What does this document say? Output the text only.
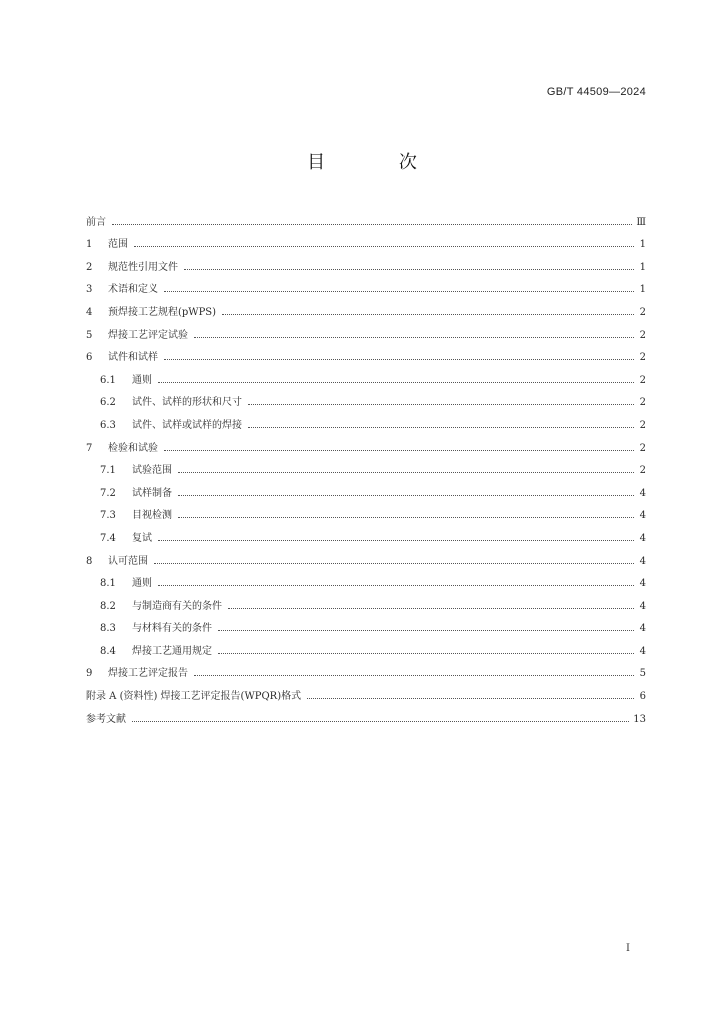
GB/T 44509—2024
目 次
前言	Ⅲ
1	范围	1
2	规范性引用文件	1
3	术语和定义	1
4	预焊接工艺规程(pWPS)	2
5	焊接工艺评定试验	2
6	试件和试样	2
6.1	通则	2
6.2	试件、试样的形状和尺寸	2
6.3	试件、试样或试样的焊接	2
7	检验和试验	2
7.1	试验范围	2
7.2	试样制备	4
7.3	目视检测	4
7.4	复试	4
8	认可范围	4
8.1	通则	4
8.2	与制造商有关的条件	4
8.3	与材料有关的条件	4
8.4	焊接工艺通用规定	4
9	焊接工艺评定报告	5
附录 A (资料性) 焊接工艺评定报告(WPQR)格式	6
参考文献	13
I
